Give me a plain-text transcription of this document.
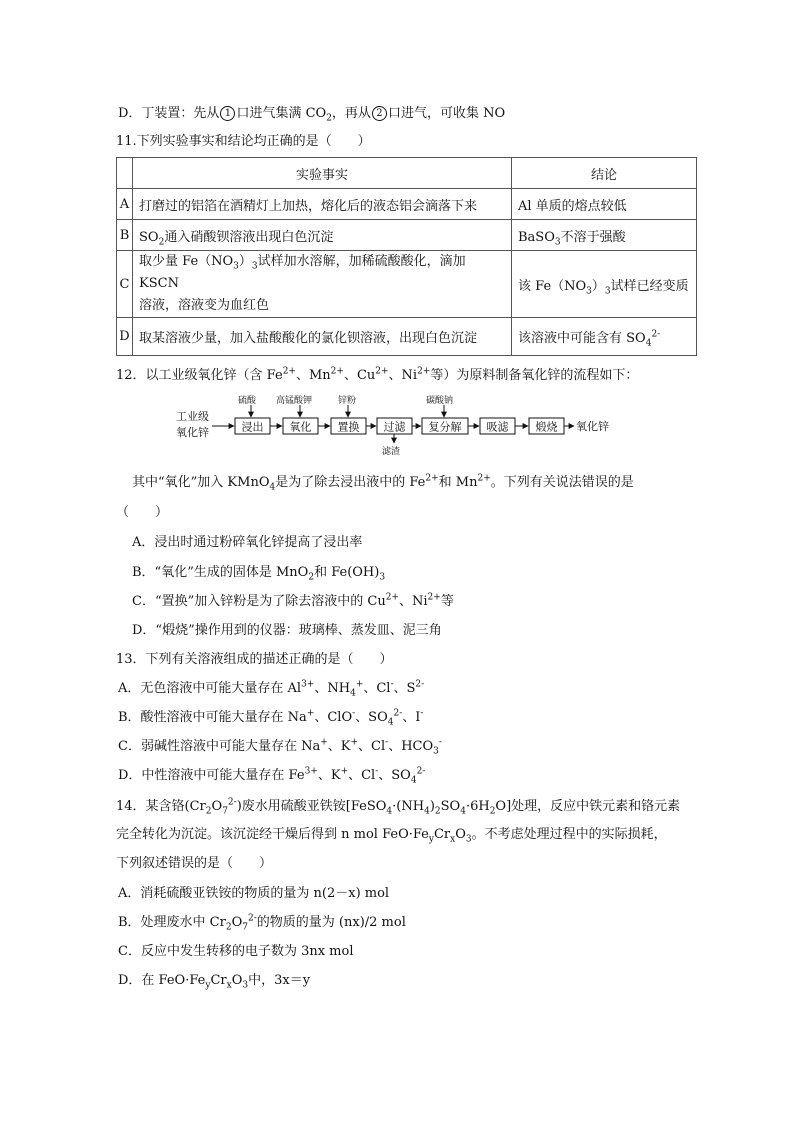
D．丁装置：先从 1 口进气集满 $CO_2$，再从 2 口进气，可收集 NO
11.下列实验事实和结论均正确的是（　　）
	实验事实	结论
A	打磨过的铝箔在酒精灯上加热，熔化后的液态铝会滴落下来	Al 单质的熔点较低
B	$SO_2$通入硝酸钡溶液出现白色沉淀	BaSO$_3$不溶于强酸
C	取少量 $Fe(NO_3)_3$试样加水溶解，加稀硫酸酸化，滴加 KSCN
溶液，溶液变为血红色	该 $Fe(NO_3)_3$试样已经变质
D	取某溶液少量，加入盐酸酸化的氯化钡溶液，出现白色沉淀	该溶液中可能含有 $SO_4^{2-}$
12．以工业级氧化锌（含 $Fe^{2+}$、$Mn^{2+}$、$Cu^{2+}$、$Ni^{2+}$等）为原料制备氧化锌的流程如下：
工业级
氧化锌	浸出
硫酸
氧化
高锰酸钾
置换
锌粉
过滤
滤渣
复分解
碳酸钠
吸滤 煅烧 氧化锌
其中“氧化”加入 KMnO$_4$是为了除去浸出液中的 $Fe^{2+}$和 $Mn^{2+}$。下列有关说法错误的是
（　　）
A．浸出时通过粉碎氧化锌提高了浸出率
B．“氧化”生成的固体是 MnO$_2$和 $Fe(OH)_3$
C．“置换”加入锌粉是为了除去溶液中的 $Cu^{2+}$、$Ni^{2+}$等
D．“煅烧”操作用到的仪器：玻璃棒、蒸发皿、泥三角
13．下列有关溶液组成的描述正确的是（　　）
A．无色溶液中可能大量存在 $Al^{3+}$、$NH_4^+$、Cl-、$S^{2-}$
B．酸性溶液中可能大量存在 Na+、ClO-、$SO_4^{2-}$、I-
C．弱碱性溶液中可能大量存在 Na+、K+、Cl-、$HCO_3^-$
D．中性溶液中可能大量存在 $Fe^{3+}$、K+、Cl-、$SO_4^{2-}$
14．某含铬$(Cr_2O_7^{2-})$废水用硫酸亚铁铵$[FeSO_4\cdot(NH_4)_2SO_4\cdot 6H_2O]$处理，反应中铁元素和铬元素
完全转化为沉淀。该沉淀经干燥后得到 n mol $FeO\cdot Fe_yCr_xO_3$。不考虑处理过程中的实际损耗，
下列叙述错误的是（　　）
A．消耗硫酸亚铁铵的物质的量为 n(2－x) mol
B．处理废水中 $Cr_2O_7^{2-}$的物质的量为 (nx)/2 mol
C．反应中发生转移的电子数为 3nx mol
D．在 $FeO\cdot Fe_yCr_xO_3$中，3x＝y
